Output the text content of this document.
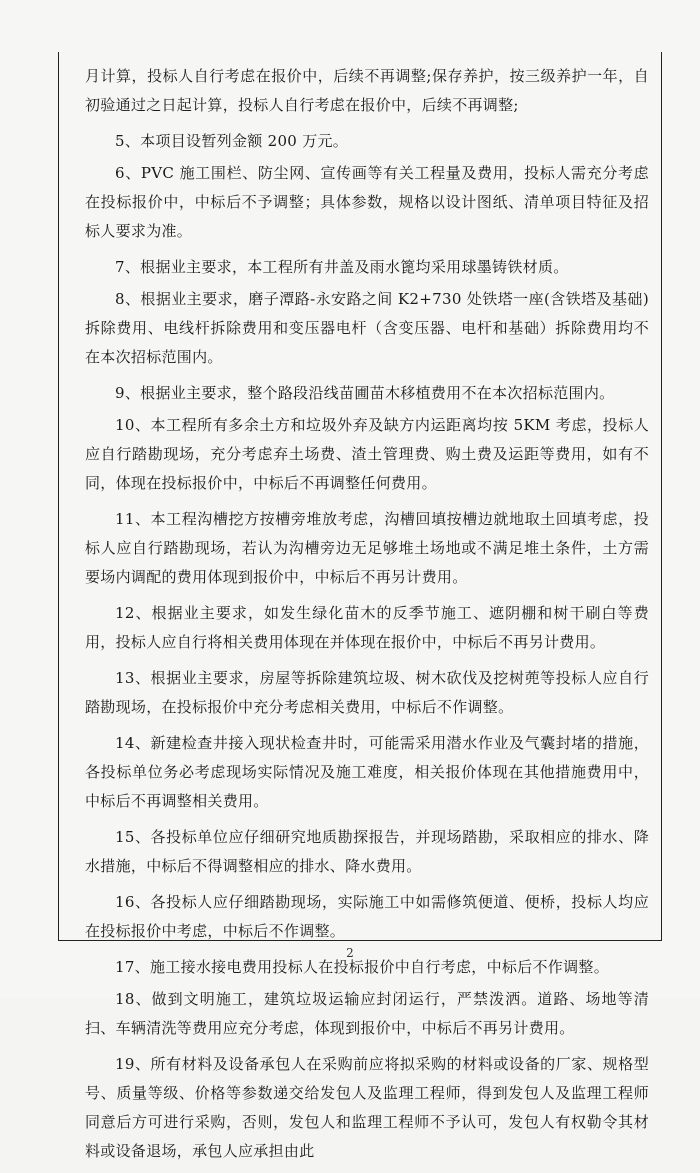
月计算，投标人自行考虑在报价中，后续不再调整;保存养护，按三级养护一年，自初验通过之日起计算，投标人自行考虑在报价中，后续不再调整;

5、本项目设暂列金额 200 万元。

6、PVC 施工围栏、防尘网、宣传画等有关工程量及费用，投标人需充分考虑在投标报价中，中标后不予调整；具体参数，规格以设计图纸、清单项目特征及招标人要求为准。

7、根据业主要求，本工程所有井盖及雨水篦均采用球墨铸铁材质。

8、根据业主要求，磨子潭路-永安路之间 K2+730 处铁塔一座(含铁塔及基础)拆除费用、电线杆拆除费用和变压器电杆（含变压器、电杆和基础）拆除费用均不在本次招标范围内。

9、根据业主要求，整个路段沿线苗圃苗木移植费用不在本次招标范围内。

10、本工程所有多余土方和垃圾外弃及缺方内运距离均按 5KM 考虑，投标人应自行踏勘现场，充分考虑弃土场费、渣土管理费、购土费及运距等费用，如有不同，体现在投标报价中，中标后不再调整任何费用。

11、本工程沟槽挖方按槽旁堆放考虑，沟槽回填按槽边就地取土回填考虑，投标人应自行踏勘现场，若认为沟槽旁边无足够堆土场地或不满足堆土条件，土方需要场内调配的费用体现到报价中，中标后不再另计费用。

12、根据业主要求，如发生绿化苗木的反季节施工、遮阴棚和树干刷白等费用，投标人应自行将相关费用体现在并体现在报价中，中标后不再另计费用。

13、根据业主要求，房屋等拆除建筑垃圾、树木砍伐及挖树蔸等投标人应自行踏勘现场，在投标报价中充分考虑相关费用，中标后不作调整。

14、新建检查井接入现状检查井时，可能需采用潜水作业及气囊封堵的措施，各投标单位务必考虑现场实际情况及施工难度，相关报价体现在其他措施费用中，中标后不再调整相关费用。

15、各投标单位应仔细研究地质勘探报告，并现场踏勘，采取相应的排水、降水措施，中标后不得调整相应的排水、降水费用。

16、各投标人应仔细踏勘现场，实际施工中如需修筑便道、便桥，投标人均应在投标报价中考虑，中标后不作调整。

17、施工接水接电费用投标人在投标报价中自行考虑，中标后不作调整。

18、做到文明施工，建筑垃圾运输应封闭运行，严禁泼洒。道路、场地等清扫、车辆清洗等费用应充分考虑，体现到报价中，中标后不再另计费用。

19、所有材料及设备承包人在采购前应将拟采购的材料或设备的厂家、规格型号、质量等级、价格等参数递交给发包人及监理工程师，得到发包人及监理工程师同意后方可进行采购，否则，发包人和监理工程师不予认可，发包人有权勒令其材料或设备退场，承包人应承担由此

2
